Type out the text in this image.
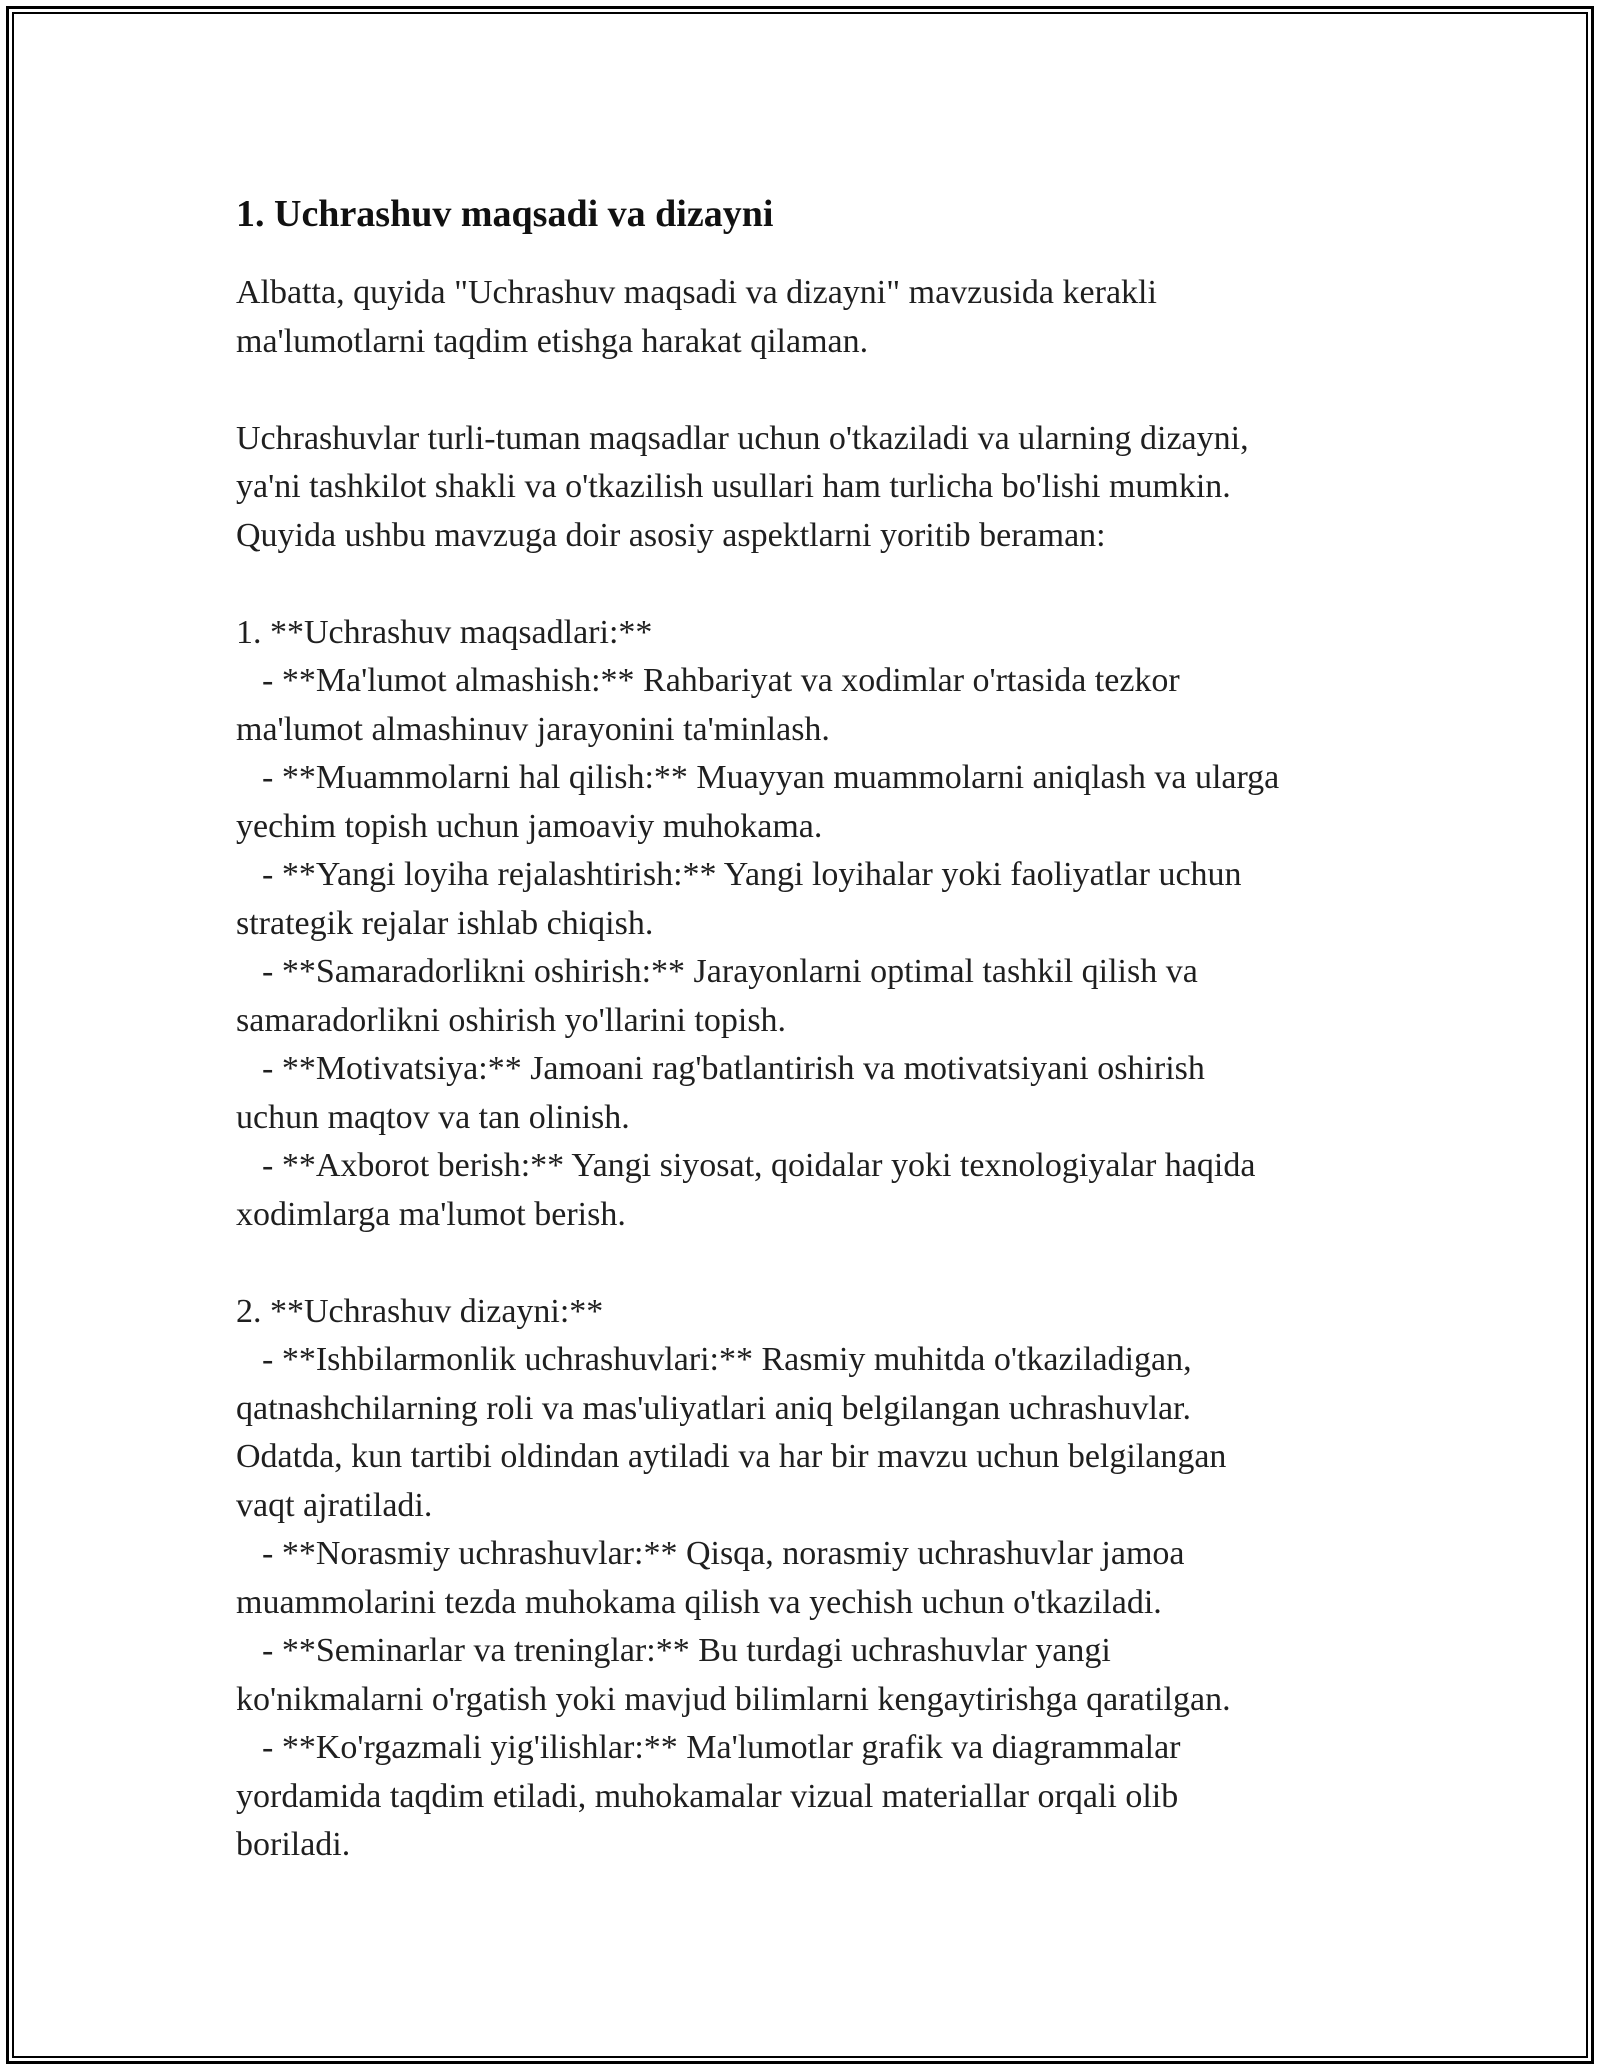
1. Uchrashuv maqsadi va dizayni

Albatta, quyida "Uchrashuv maqsadi va dizayni" mavzusida kerakli

ma'lumotlarni taqdim etishga harakat qilaman.

Uchrashuvlar turli-tuman maqsadlar uchun o'tkaziladi va ularning dizayni,

ya'ni tashkilot shakli va o'tkazilish usullari ham turlicha bo'lishi mumkin.

Quyida ushbu mavzuga doir asosiy aspektlarni yoritib beraman:

1. **Uchrashuv maqsadlari:**

- **Ma'lumot almashish:** Rahbariyat va xodimlar o'rtasida tezkor

ma'lumot almashinuv jarayonini ta'minlash.

- **Muammolarni hal qilish:** Muayyan muammolarni aniqlash va ularga

yechim topish uchun jamoaviy muhokama.

- **Yangi loyiha rejalashtirish:** Yangi loyihalar yoki faoliyatlar uchun

strategik rejalar ishlab chiqish.

- **Samaradorlikni oshirish:** Jarayonlarni optimal tashkil qilish va

samaradorlikni oshirish yo'llarini topish.

- **Motivatsiya:** Jamoani rag'batlantirish va motivatsiyani oshirish

uchun maqtov va tan olinish.

- **Axborot berish:** Yangi siyosat, qoidalar yoki texnologiyalar haqida

xodimlarga ma'lumot berish.

2. **Uchrashuv dizayni:**

- **Ishbilarmonlik uchrashuvlari:** Rasmiy muhitda o'tkaziladigan,

qatnashchilarning roli va mas'uliyatlari aniq belgilangan uchrashuvlar.

Odatda, kun tartibi oldindan aytiladi va har bir mavzu uchun belgilangan

vaqt ajratiladi.

- **Norasmiy uchrashuvlar:** Qisqa, norasmiy uchrashuvlar jamoa

muammolarini tezda muhokama qilish va yechish uchun o'tkaziladi.

- **Seminarlar va treninglar:** Bu turdagi uchrashuvlar yangi

ko'nikmalarni o'rgatish yoki mavjud bilimlarni kengaytirishga qaratilgan.

- **Ko'rgazmali yig'ilishlar:** Ma'lumotlar grafik va diagrammalar

yordamida taqdim etiladi, muhokamalar vizual materiallar orqali olib

boriladi.
